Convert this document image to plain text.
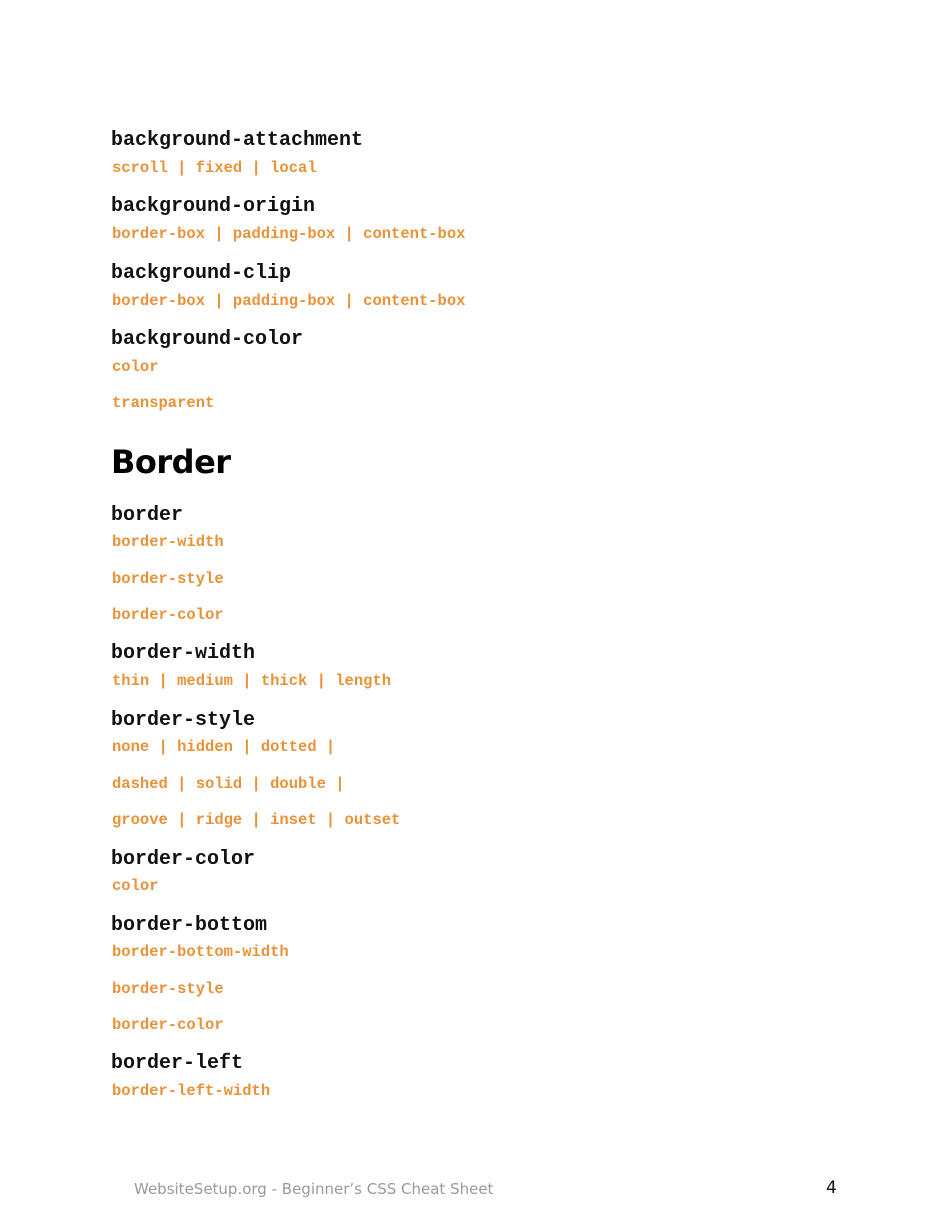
background-attachment
scroll | fixed | local
background-origin
border-box | padding-box | content-box
background-clip
border-box | padding-box | content-box
background-color
color
transparent
Border
border
border-width
border-style
border-color
border-width
thin | medium | thick | length
border-style
none | hidden | dotted |
dashed | solid | double |
groove | ridge | inset | outset
border-color
color
border-bottom
border-bottom-width
border-style
border-color
border-left
border-left-width
WebsiteSetup.org - Beginner’s CSS Cheat Sheet	4
